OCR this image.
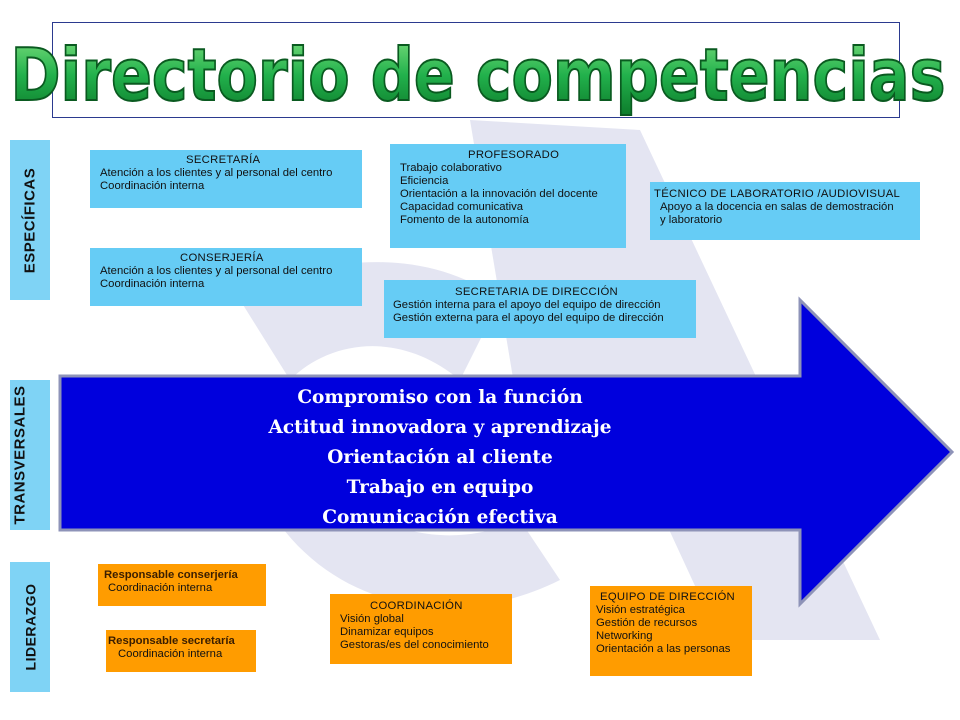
Directorio de competencias
ESPECÍFICAS
TRANSVERSALES
LIDERAZGO
SECRETARÍA
Atención a los clientes y al personal del centro
Coordinación interna
CONSERJERÍA
Atención a los clientes y al personal del centro
Coordinación interna
PROFESORADO
Trabajo colaborativo
Eficiencia
Orientación a la innovación del docente
Capacidad comunicativa
Fomento de la autonomía
TÉCNICO DE LABORATORIO /AUDIOVISUAL
Apoyo a la docencia en salas de demostración
y laboratorio
SECRETARIA DE DIRECCIÓN
Gestión interna para el apoyo del equipo de dirección
Gestión externa para el apoyo del equipo de dirección
Compromiso con la función
Actitud innovadora y aprendizaje
Orientación al cliente
Trabajo en equipo
Comunicación efectiva
Responsable conserjería
Coordinación interna
Responsable secretaría
Coordinación interna
COORDINACIÓN
Visión global
Dinamizar equipos
Gestoras/es del conocimiento
EQUIPO DE DIRECCIÓN
Visión estratégica
Gestión de recursos
Networking
Orientación a las personas
